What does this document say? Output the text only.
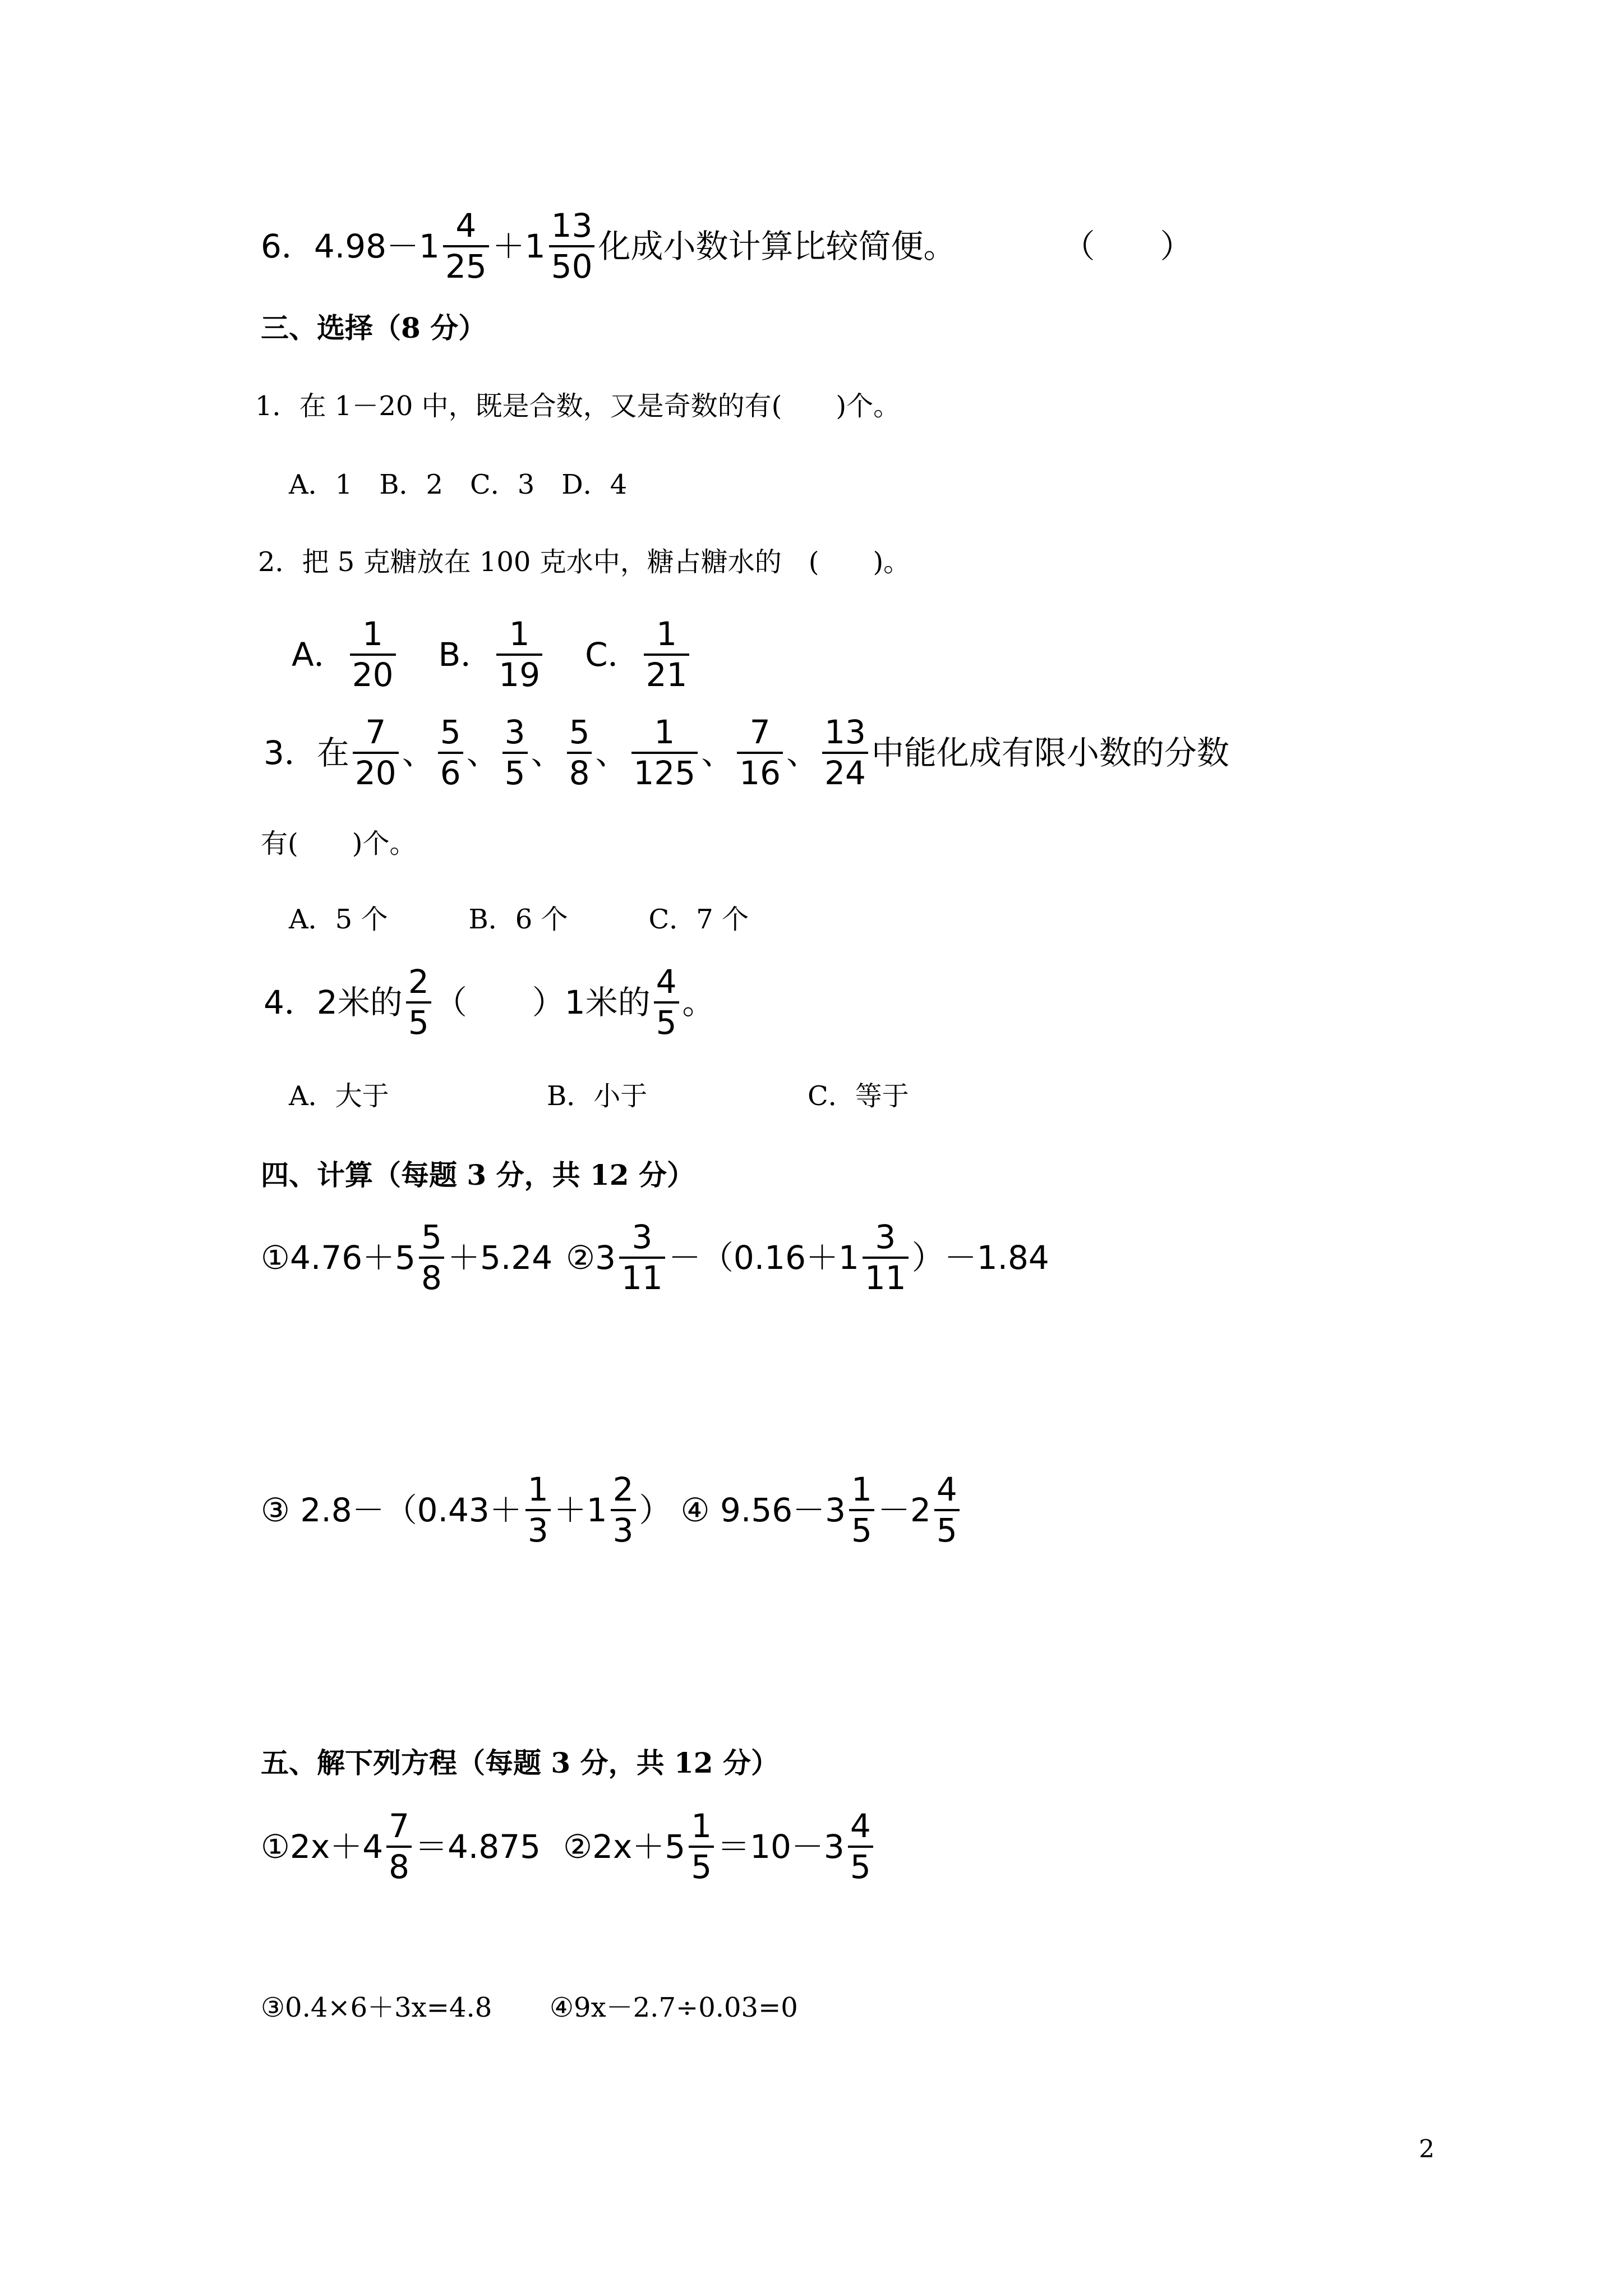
6．$4.98-1 \frac{4}{25} +1 \frac{13}{50}$ 化成小数计算比较简便。	（　　）
三、选择（8 分）
1．在 1－20 中，既是合数，又是奇数的有(　　)个。
A．1　B．2　C．3　D．4
2．把 5 克糖放在 100 克水中，糖占糖水的　(　　)。
A． $\frac{1}{20}$ B． $\frac{1}{19}$ C． $\frac{1}{21}$
3．在 $\frac{7}{20}$ 、 $\frac{5}{6}$ 、 $\frac{3}{5}$ 、 $\frac{5}{8}$ 、 $\frac{1}{125}$ 、 $\frac{7}{16}$ 、 $\frac{13}{24}$ 中能化成有限小数的分数
有(　　)个。
A．5 个　　　B．6 个　　　C．7 个
4．2米的 $\frac{2}{5}$ （　　）1米的 $\frac{4}{5}$ 。
A．大于	B．小于	C．等于
四、计算（每题 3 分，共 12 分）
①4.76＋5 $\frac{5}{8} +5.24$ ②3 $\frac{3}{11} -(0.16+1 \frac{3}{11} )-1.84$
③ $2.8-(0.43+ \frac{1}{3} +1 \frac{2}{3}$ ） ④ $9.56-3 \frac{1}{5} -2 \frac{4}{5}$
五、解下列方程（每题 3 分，共 12 分）
①2x＋4 $\frac{7}{8} =4.875$ ②2x＋5 $\frac{1}{5} =10-3 \frac{4}{5}$
③0.4×6＋3x=4.8 ④9x－2.7÷0.03=0
2
